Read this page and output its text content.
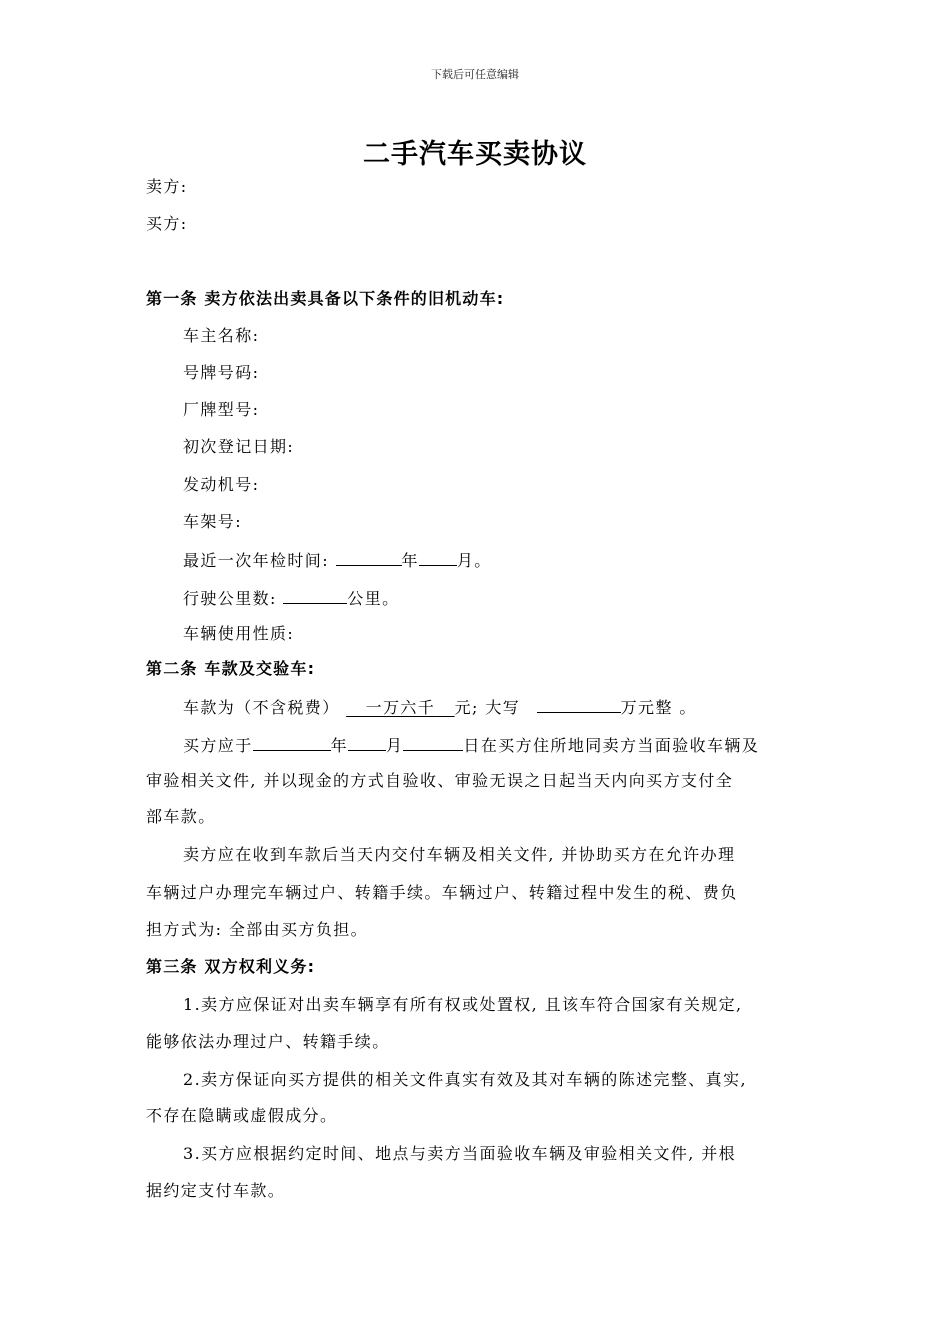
下载后可任意编辑
二手汽车买卖协议
卖方:
买方:
第一条 卖方依法出卖具备以下条件的旧机动车:
车主名称:
号牌号码:
厂牌型号:
初次登记日期:
发动机号:
车架号:
最近一次年检时间:	年 月。
行驶公里数:	公里。
车辆使用性质:
第二条 车款及交验车:
车款为（不含税费） 一万六千 元; 大写	万元整 。
买方应于	年 月	日在买方住所地同卖方当面验收车辆及
审验相关文件, 并以现金的方式自验收、审验无误之日起当天内向买方支付全
部车款。
卖方应在收到车款后当天内交付车辆及相关文件, 并协助买方在允许办理
车辆过户办理完车辆过户、转籍手续。车辆过户、转籍过程中发生的税、费负
担方式为: 全部由买方负担。
第三条 双方权利义务:
1.卖方应保证对出卖车辆享有所有权或处置权, 且该车符合国家有关规定,
能够依法办理过户、转籍手续。
2.卖方保证向买方提供的相关文件真实有效及其对车辆的陈述完整、真实,
不存在隐瞒或虚假成分。
3.买方应根据约定时间、地点与卖方当面验收车辆及审验相关文件, 并根
据约定支付车款。
